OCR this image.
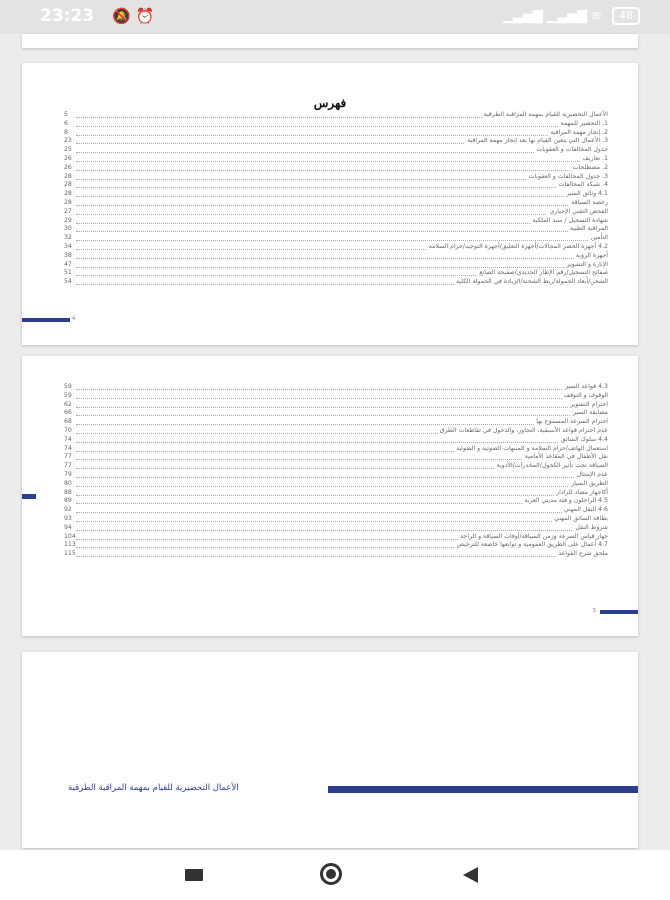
23:23 🔕 ⏰	▁▃▅▇ ▁▃▅▇ ≋	48
فهرس
5	الأعمال التحضيرية للقيام بمهمة المراقبة الطرقية
6	1. التحضير للمهمة
8	2. إنجاز مهمة المراقبة
23	3. الأعمال التي يتعين القيام بها بعد إنجاز مهمة المراقبة
25	جدول المخالفات و العقوبات
26	1. تعاريف
26	2. مصطلحات
28	3. جدول المخالفات و العقوبات
28	4. شبكة المخالفات
28	4.1 وثائق السير
28	رخصة السياقة
27	الفحص التقني الإجباري
29	شهادة التسجيل / سند الملكية
30	المراقبة الطبية
32	التأمين
34	4.2 أجهزة الحصر المجالات/أجهزة التعليق/أجهزة التوجيه/حزام السلامة
38	أجهزة الرؤية
47	الإنارة و التشوير
51	صفائح التسجيل/رقم الإطار الحديدي/صفيحة الصانع
54	الشحن/أبعاد الحمولة/ربط الشحنة/الزيادة في الحمولة الكلية
4
59	4.3 قواعد السير
59	الوقوف و التوقف
62	احترام التشوير
66	مضايقة السير
68	احترام السرعة المسموح بها
70	عدم احترام قواعد الأسبقية، التجاوز، والدخول في تقاطعات الطرق
74	4.4 سلوك السائق
74	استعمال الهاتف/حزام السلامة و المنبهات الصوتية و الضوئية
77	نقل الأطفال في المقاعد الأمامية
77	السياقة تحت تأثير الكحول/المخدرات/الأدوية
79	عدم الإمتثال
80	الطريق السيار
88	أكاجهاز مضاد للرادار
89	4.5 الراجلون و فئة مديني العربة
92	4.6 النقل المهني
93	بطاقة السائق المهني
94	شروط النقل
104	جهاز قياس السرعة وزمن السياقة/أوقات السياقة و الراحة
113	4.7 أعمال على الطريق العمومية و توابعها خاضعة للترخيص
115	ملحق شرح القواعد
5
الأعمال التحضيرية للقيام بمهمة المراقبة الطرقية
